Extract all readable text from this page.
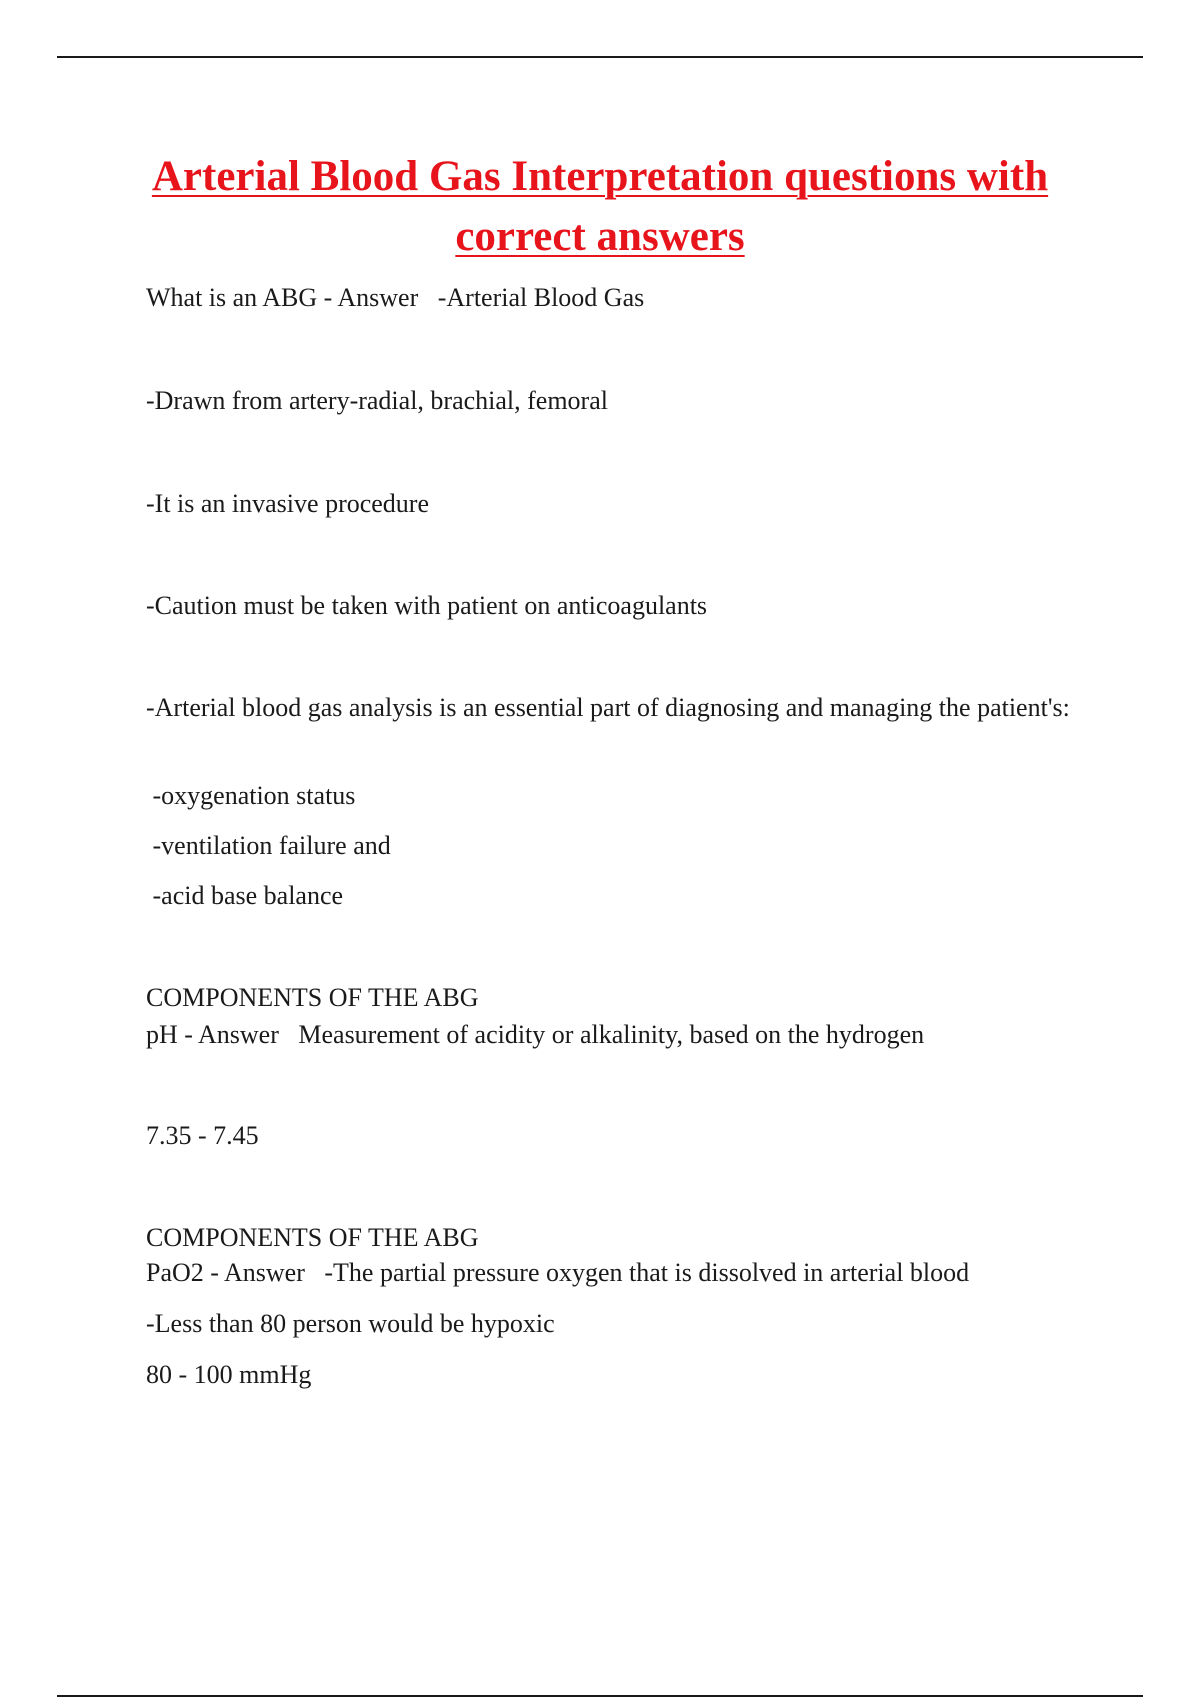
Arterial Blood Gas Interpretation questions with correct answers
What is an ABG - Answer   -Arterial Blood Gas
-Drawn from artery-radial, brachial, femoral
-It is an invasive procedure
-Caution must be taken with patient on anticoagulants
-Arterial blood gas analysis is an essential part of diagnosing and managing the patient's:
-oxygenation status
-ventilation failure and
-acid base balance
COMPONENTS OF THE ABG
pH - Answer   Measurement of acidity or alkalinity, based on the hydrogen
7.35 - 7.45
COMPONENTS OF THE ABG
PaO2 - Answer   -The partial pressure oxygen that is dissolved in arterial blood
-Less than 80 person would be hypoxic
80 - 100 mmHg
